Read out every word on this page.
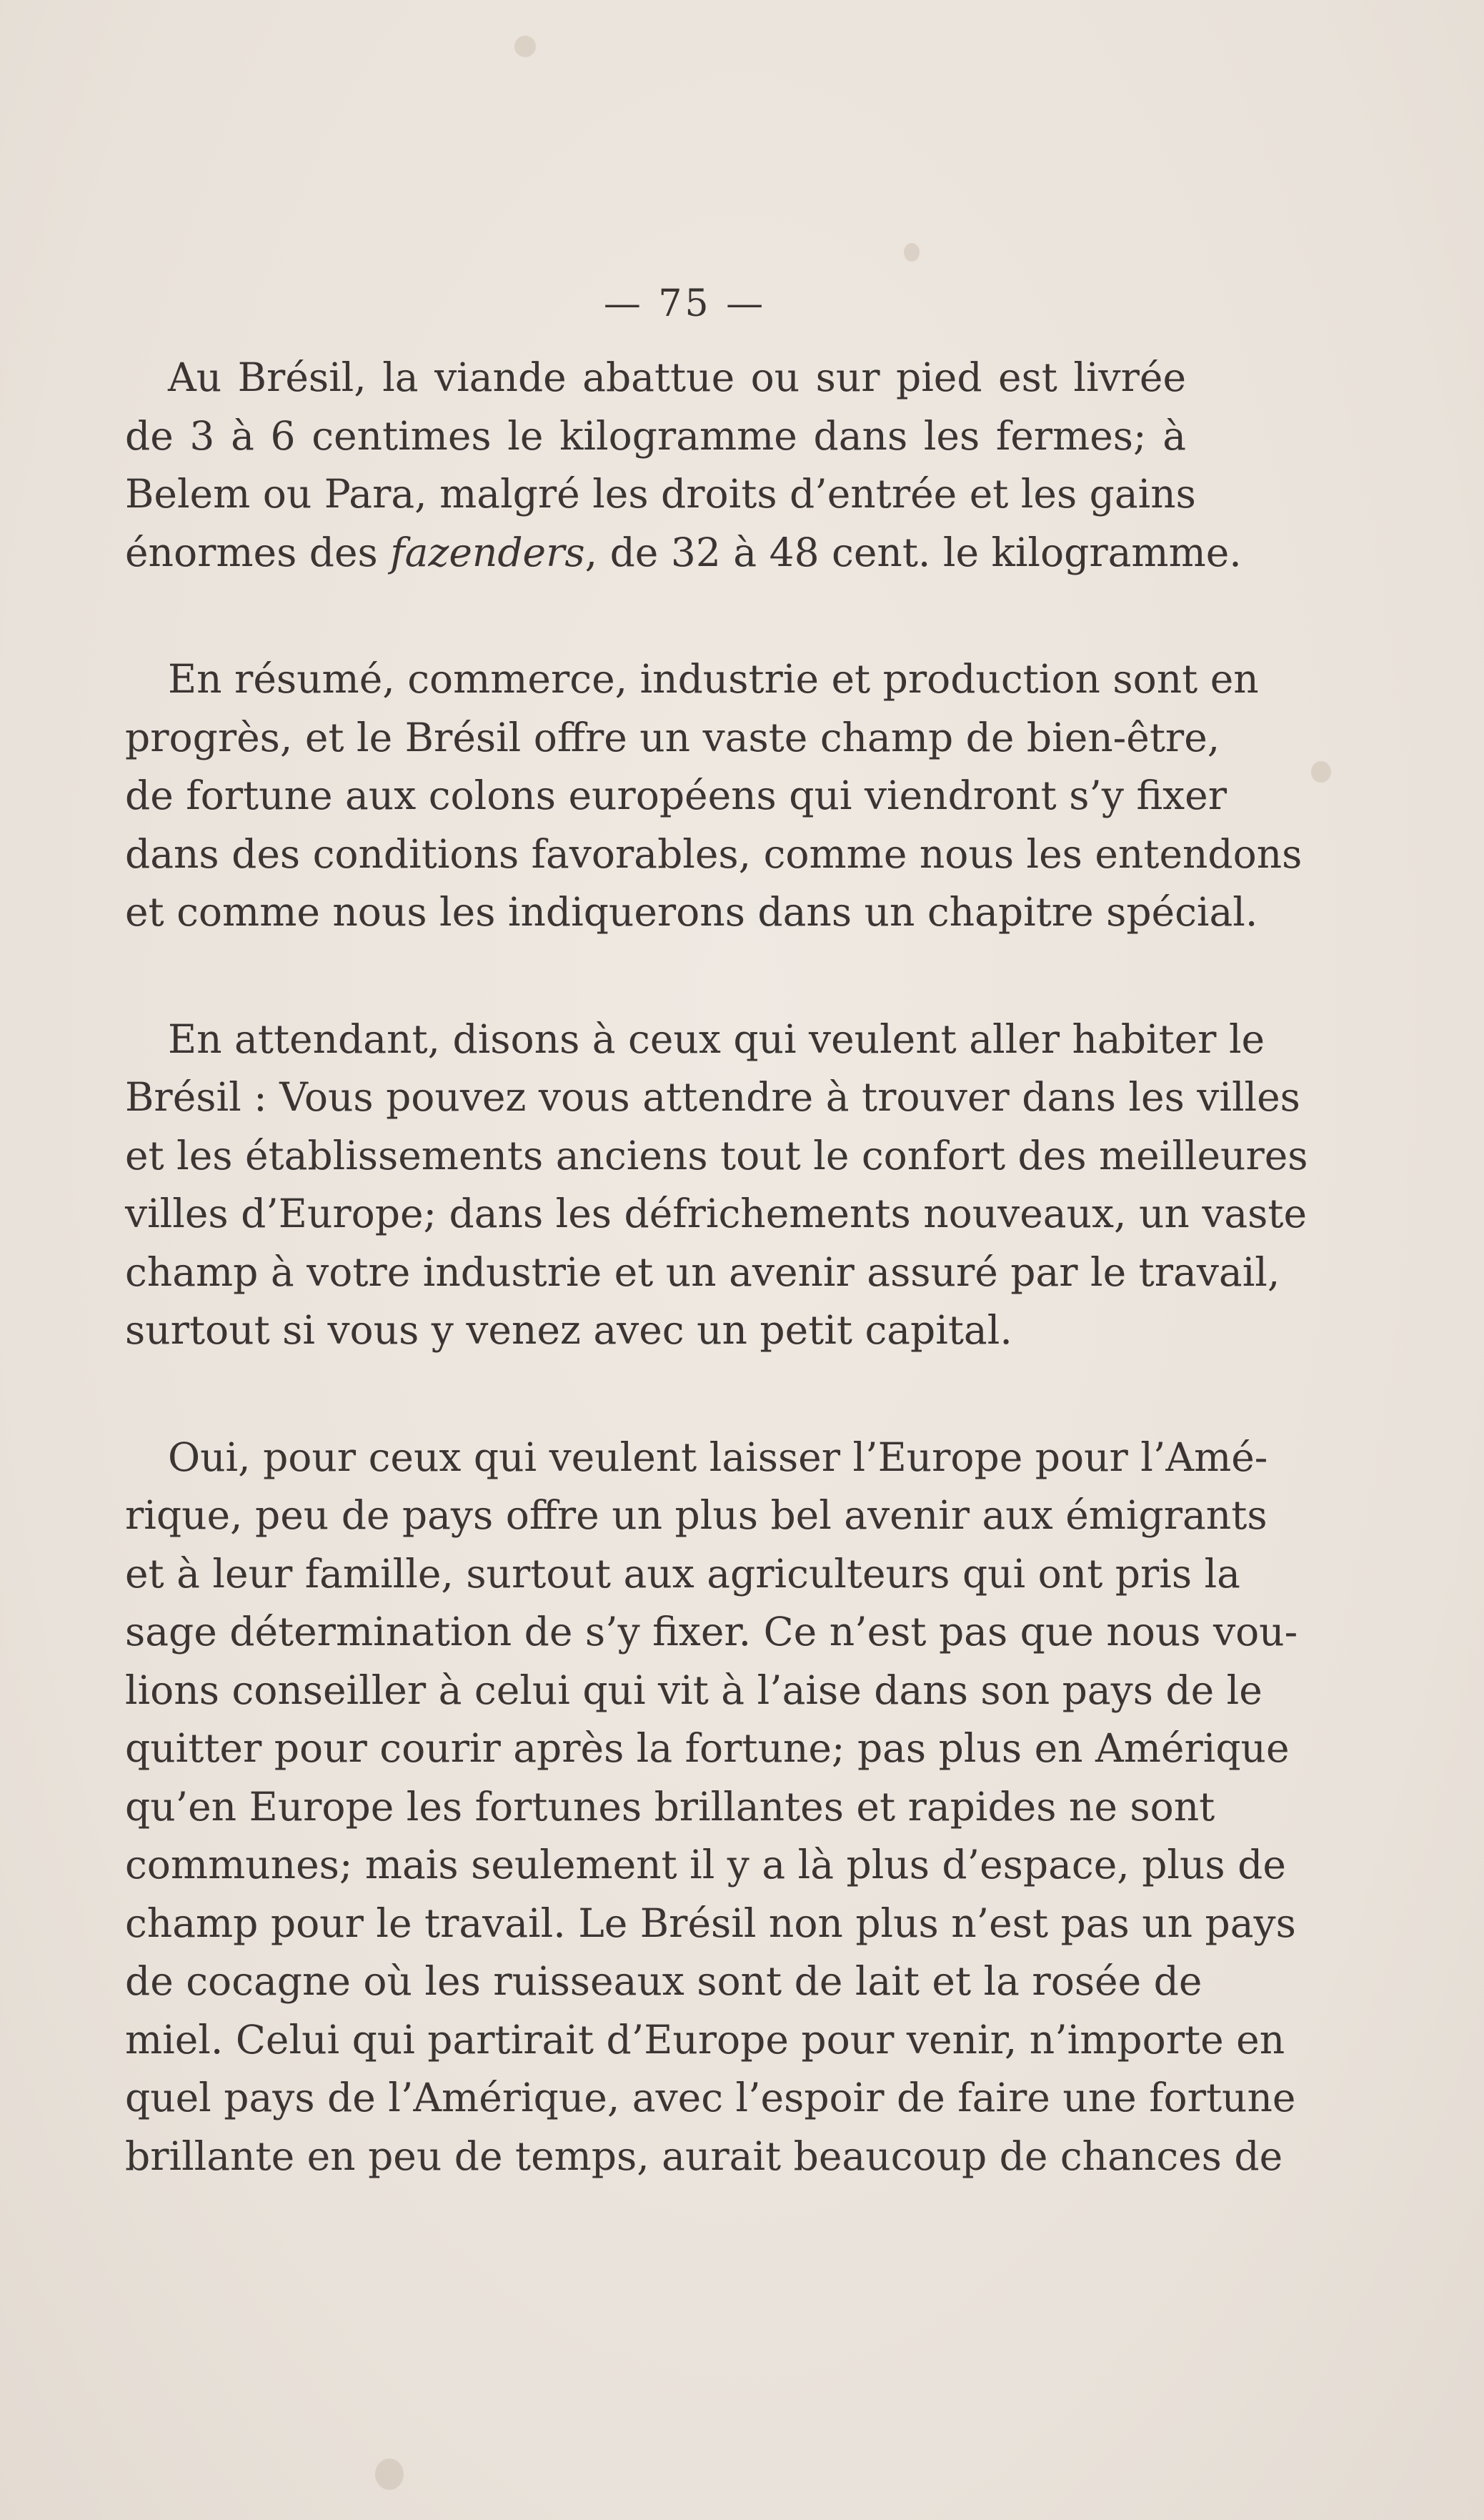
— 75 —
Au Brésil, la viande abattue ou sur pied est livrée
de 3 à 6 centimes le kilogramme dans les fermes; à
Belem ou Para, malgré les droits d’entrée et les gains
énormes des fazenders, de 32 à 48 cent. le kilogramme.
En résumé, commerce, industrie et production sont en
progrès, et le Brésil offre un vaste champ de bien-être,
de fortune aux colons européens qui viendront s’y fixer
dans des conditions favorables, comme nous les entendons
et comme nous les indiquerons dans un chapitre spécial.
En attendant, disons à ceux qui veulent aller habiter le
Brésil : Vous pouvez vous attendre à trouver dans les villes
et les établissements anciens tout le confort des meilleures
villes d’Europe; dans les défrichements nouveaux, un vaste
champ à votre industrie et un avenir assuré par le travail,
surtout si vous y venez avec un petit capital.
Oui, pour ceux qui veulent laisser l’Europe pour l’Amé-
rique, peu de pays offre un plus bel avenir aux émigrants
et à leur famille, surtout aux agriculteurs qui ont pris la
sage détermination de s’y fixer. Ce n’est pas que nous vou-
lions conseiller à celui qui vit à l’aise dans son pays de le
quitter pour courir après la fortune; pas plus en Amérique
qu’en Europe les fortunes brillantes et rapides ne sont
communes; mais seulement il y a là plus d’espace, plus de
champ pour le travail. Le Brésil non plus n’est pas un pays
de cocagne où les ruisseaux sont de lait et la rosée de
miel. Celui qui partirait d’Europe pour venir, n’importe en
quel pays de l’Amérique, avec l’espoir de faire une fortune
brillante en peu de temps, aurait beaucoup de chances de
